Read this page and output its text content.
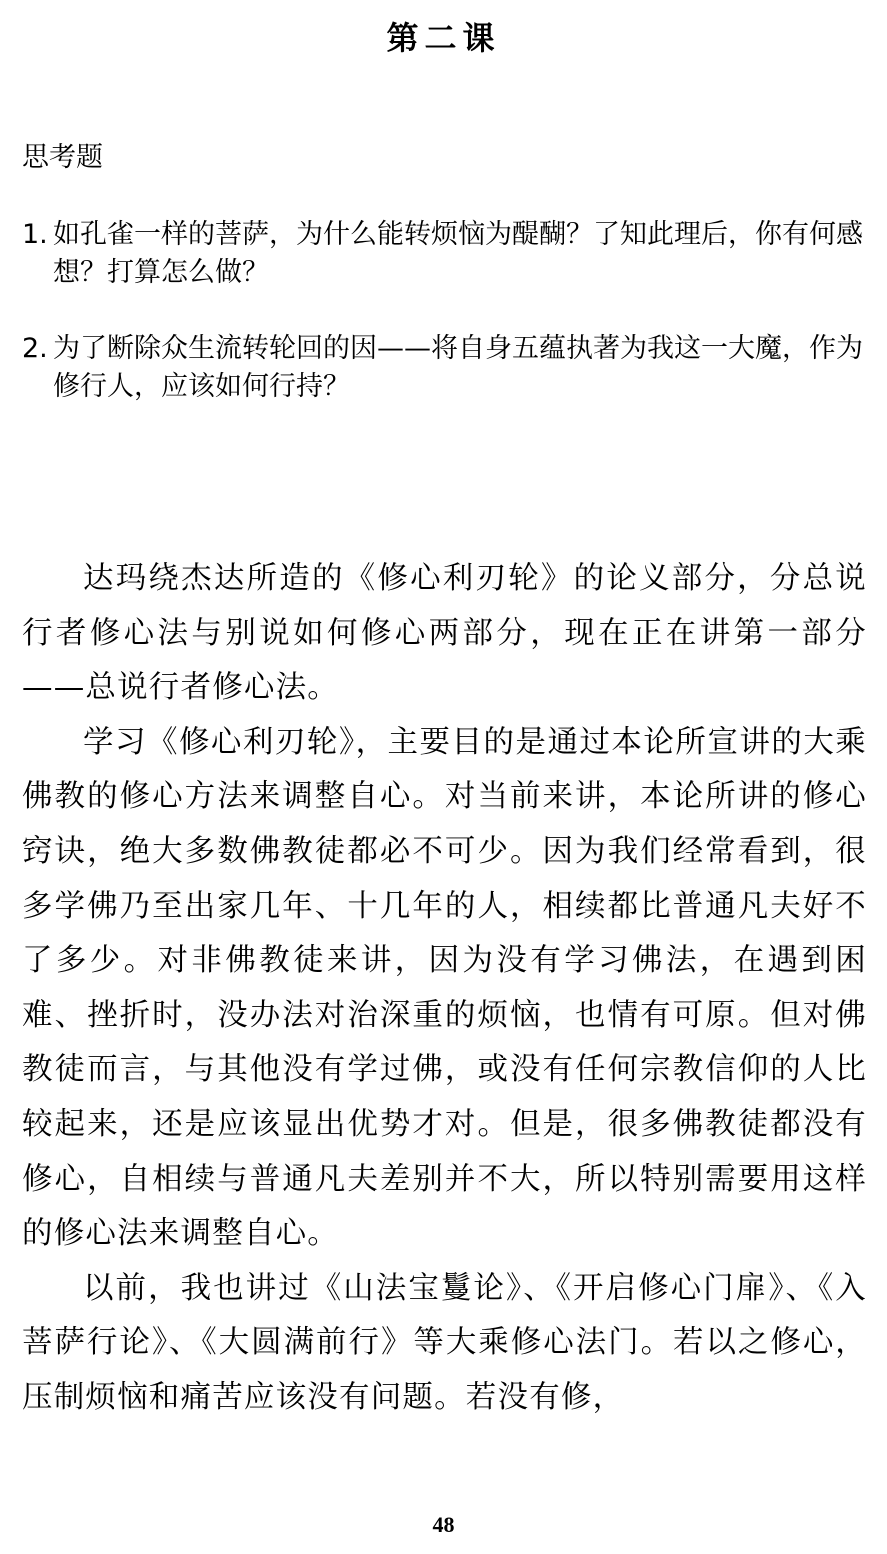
第二课
思考题
1. 如孔雀一样的菩萨，为什么能转烦恼为醍醐？了知此理后，你有何感想？打算怎么做？
2. 为了断除众生流转轮回的因——将自身五蕴执著为我这一大魔，作为修行人，应该如何行持？

达玛绕杰达所造的《修心利刃轮》的论义部分，分总说行者修心法与别说如何修心两部分，现在正在讲第一部分——总说行者修心法。

学习《修心利刃轮》，主要目的是通过本论所宣讲的大乘佛教的修心方法来调整自心。对当前来讲，本论所讲的修心窍诀，绝大多数佛教徒都必不可少。因为我们经常看到，很多学佛乃至出家几年、十几年的人，相续都比普通凡夫好不了多少。对非佛教徒来讲，因为没有学习佛法，在遇到困难、挫折时，没办法对治深重的烦恼，也情有可原。但对佛教徒而言，与其他没有学过佛，或没有任何宗教信仰的人比较起来，还是应该显出优势才对。但是，很多佛教徒都没有修心，自相续与普通凡夫差别并不大，所以特别需要用这样的修心法来调整自心。

以前，我也讲过《山法宝鬘论》、《开启修心门扉》、《入菩萨行论》、《大圆满前行》等大乘修心法门。若以之修心，压制烦恼和痛苦应该没有问题。若没有修，

48
